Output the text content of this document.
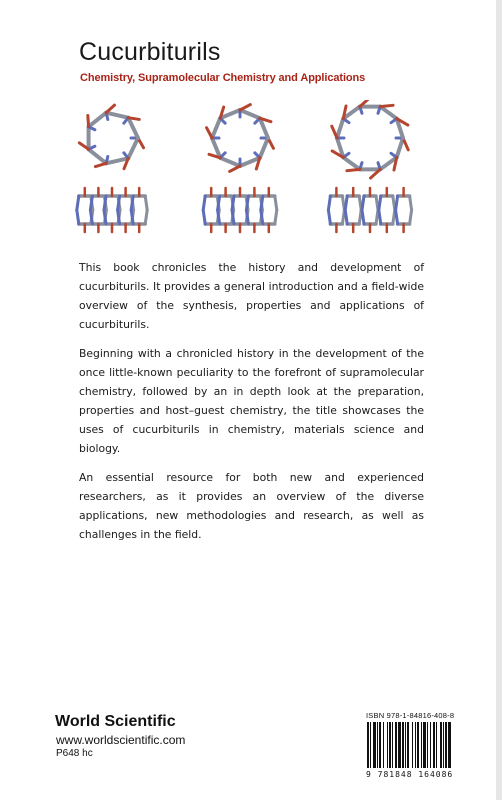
Cucurbiturils
Chemistry, Supramolecular Chemistry and Applications

This book chronicles the history and development of cucurbiturils. It provides a general introduction and a field-wide overview of the synthesis, properties and applications of cucurbiturils.

Beginning with a chronicled history in the development of the once little-known peculiarity to the forefront of supramolecular chemistry, followed by an in depth look at the preparation, properties and host–guest chemistry, the title showcases the uses of cucurbiturils in chemistry, materials science and biology.

An essential resource for both new and experienced researchers, as it provides an overview of the diverse applications, new methodologies and research, as well as challenges in the field.

World Scientific
www.worldscientific.com
P648 hc
ISBN 978-1-84816-408-8
9 781848 164086
